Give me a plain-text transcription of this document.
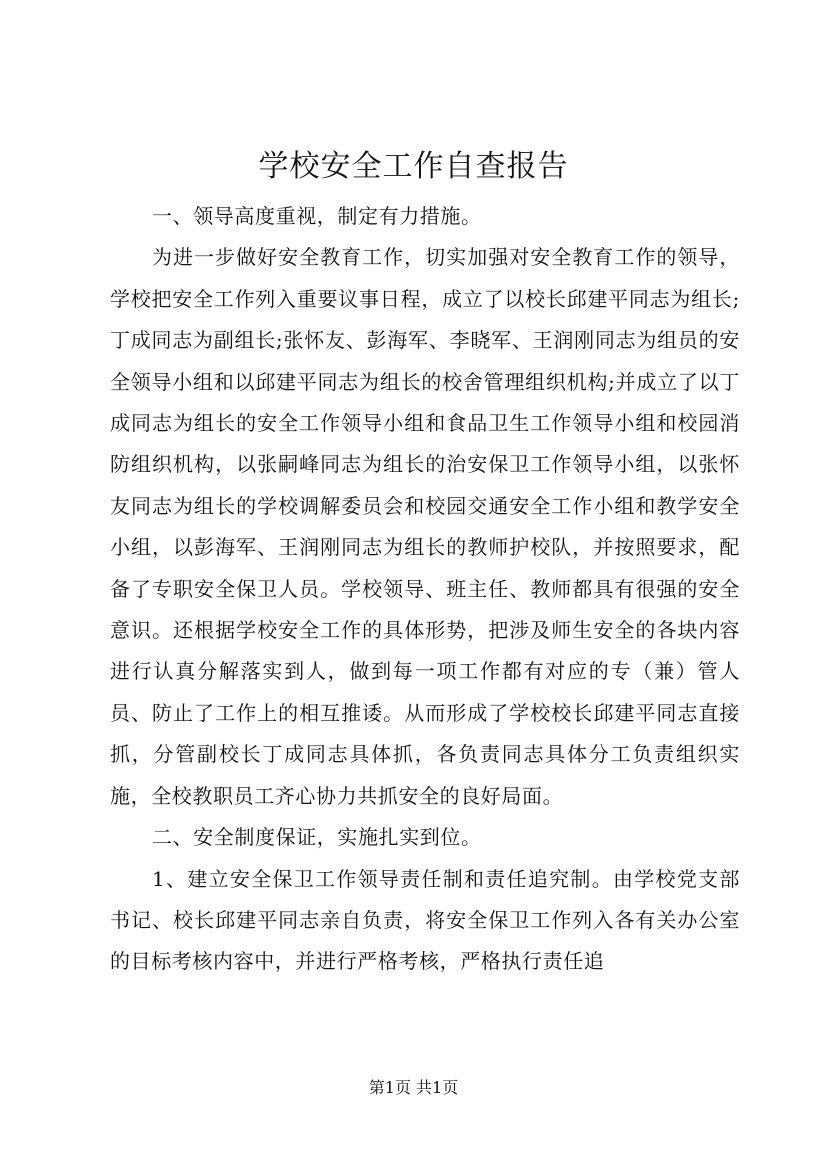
学校安全工作自查报告

一、领导高度重视，制定有力措施。

为进一步做好安全教育工作，切实加强对安全教育工作的领导，学校把安全工作列入重要议事日程，成立了以校长邱建平同志为组长;丁成同志为副组长;张怀友、彭海军、李晓军、王润刚同志为组员的安全领导小组和以邱建平同志为组长的校舍管理组织机构;并成立了以丁成同志为组长的安全工作领导小组和食品卫生工作领导小组和校园消防组织机构，以张嗣峰同志为组长的治安保卫工作领导小组，以张怀友同志为组长的学校调解委员会和校园交通安全工作小组和教学安全小组，以彭海军、王润刚同志为组长的教师护校队，并按照要求，配备了专职安全保卫人员。学校领导、班主任、教师都具有很强的安全意识。还根据学校安全工作的具体形势，把涉及师生安全的各块内容进行认真分解落实到人，做到每一项工作都有对应的专（兼）管人员、防止了工作上的相互推诿。从而形成了学校校长邱建平同志直接抓，分管副校长丁成同志具体抓，各负责同志具体分工负责组织实施，全校教职员工齐心协力共抓安全的良好局面。

二、安全制度保证，实施扎实到位。

1、建立安全保卫工作领导责任制和责任追究制。由学校党支部书记、校长邱建平同志亲自负责，将安全保卫工作列入各有关办公室的目标考核内容中，并进行严格考核，严格执行责任追

第1页 共1页
